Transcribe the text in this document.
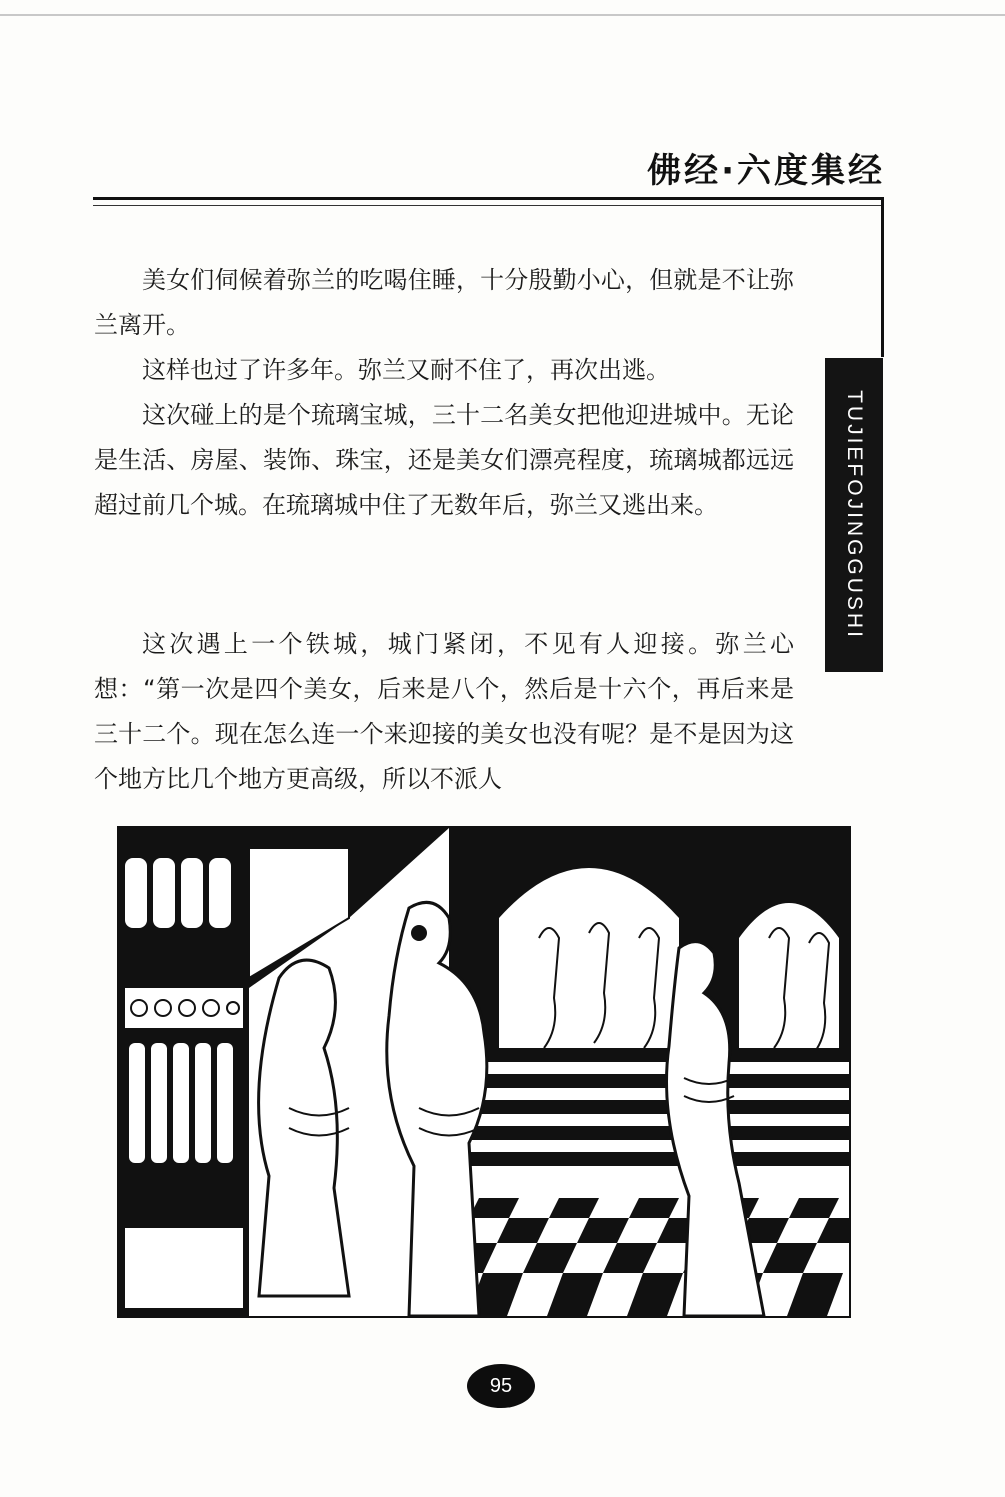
佛经·六度集经
TUJIEFOJINGGUSHI

美女们伺候着弥兰的吃喝住睡，十分殷勤小心，但就是不让弥兰离开。

这样也过了许多年。弥兰又耐不住了，再次出逃。

这次碰上的是个琉璃宝城，三十二名美女把他迎进城中。无论是生活、房屋、装饰、珠宝，还是美女们漂亮程度，琉璃城都远远超过前几个城。在琉璃城中住了无数年后，弥兰又逃出来。

这次遇上一个铁城，城门紧闭，不见有人迎接。弥兰心想：“第一次是四个美女，后来是八个，然后是十六个，再后来是三十二个。现在怎么连一个来迎接的美女也没有呢？是不是因为这个地方比几个地方更高级，所以不派人

95
